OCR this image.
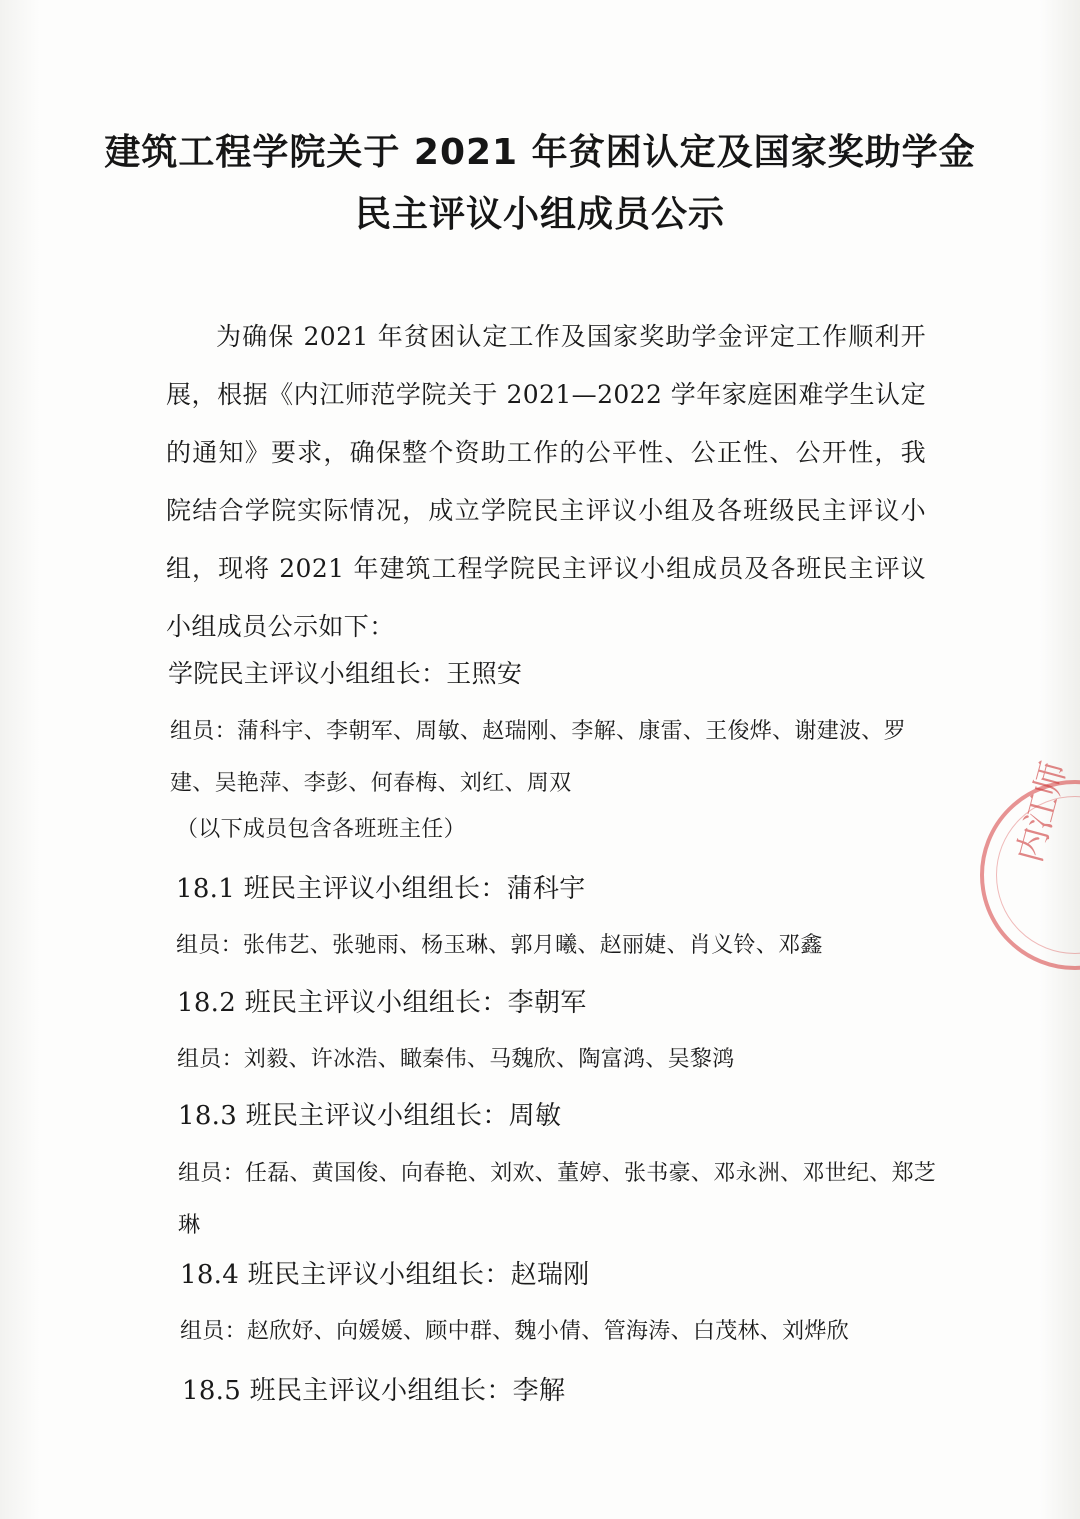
建筑工程学院关于 2021 年贫困认定及国家奖助学金
民主评议小组成员公示
为确保 2021 年贫困认定工作及国家奖助学金评定工作顺利开展，根据《内江师范学院关于 2021—2022 学年家庭困难学生认定的通知》要求，确保整个资助工作的公平性、公正性、公开性，我院结合学院实际情况，成立学院民主评议小组及各班级民主评议小组，现将 2021 年建筑工程学院民主评议小组成员及各班民主评议小组成员公示如下：
学院民主评议小组组长：王照安
组员：蒲科宇、李朝军、周敏、赵瑞刚、李解、康雷、王俊烨、谢建波、罗建、吴艳萍、李彭、何春梅、刘红、周双
（以下成员包含各班班主任）
18.1 班民主评议小组组长：蒲科宇
组员：张伟艺、张驰雨、杨玉琳、郭月曦、赵丽婕、肖义铃、邓鑫
18.2 班民主评议小组组长：李朝军
组员：刘毅、许冰浩、瞰秦伟、马魏欣、陶富鸿、吴黎鸿
18.3 班民主评议小组组长：周敏
组员：任磊、黄国俊、向春艳、刘欢、董婷、张书豪、邓永洲、邓世纪、郑芝琳
18.4 班民主评议小组组长：赵瑞刚
组员：赵欣妤、向媛媛、顾中群、魏小倩、管海涛、白茂林、刘烨欣
18.5 班民主评议小组组长：李解
内江师
